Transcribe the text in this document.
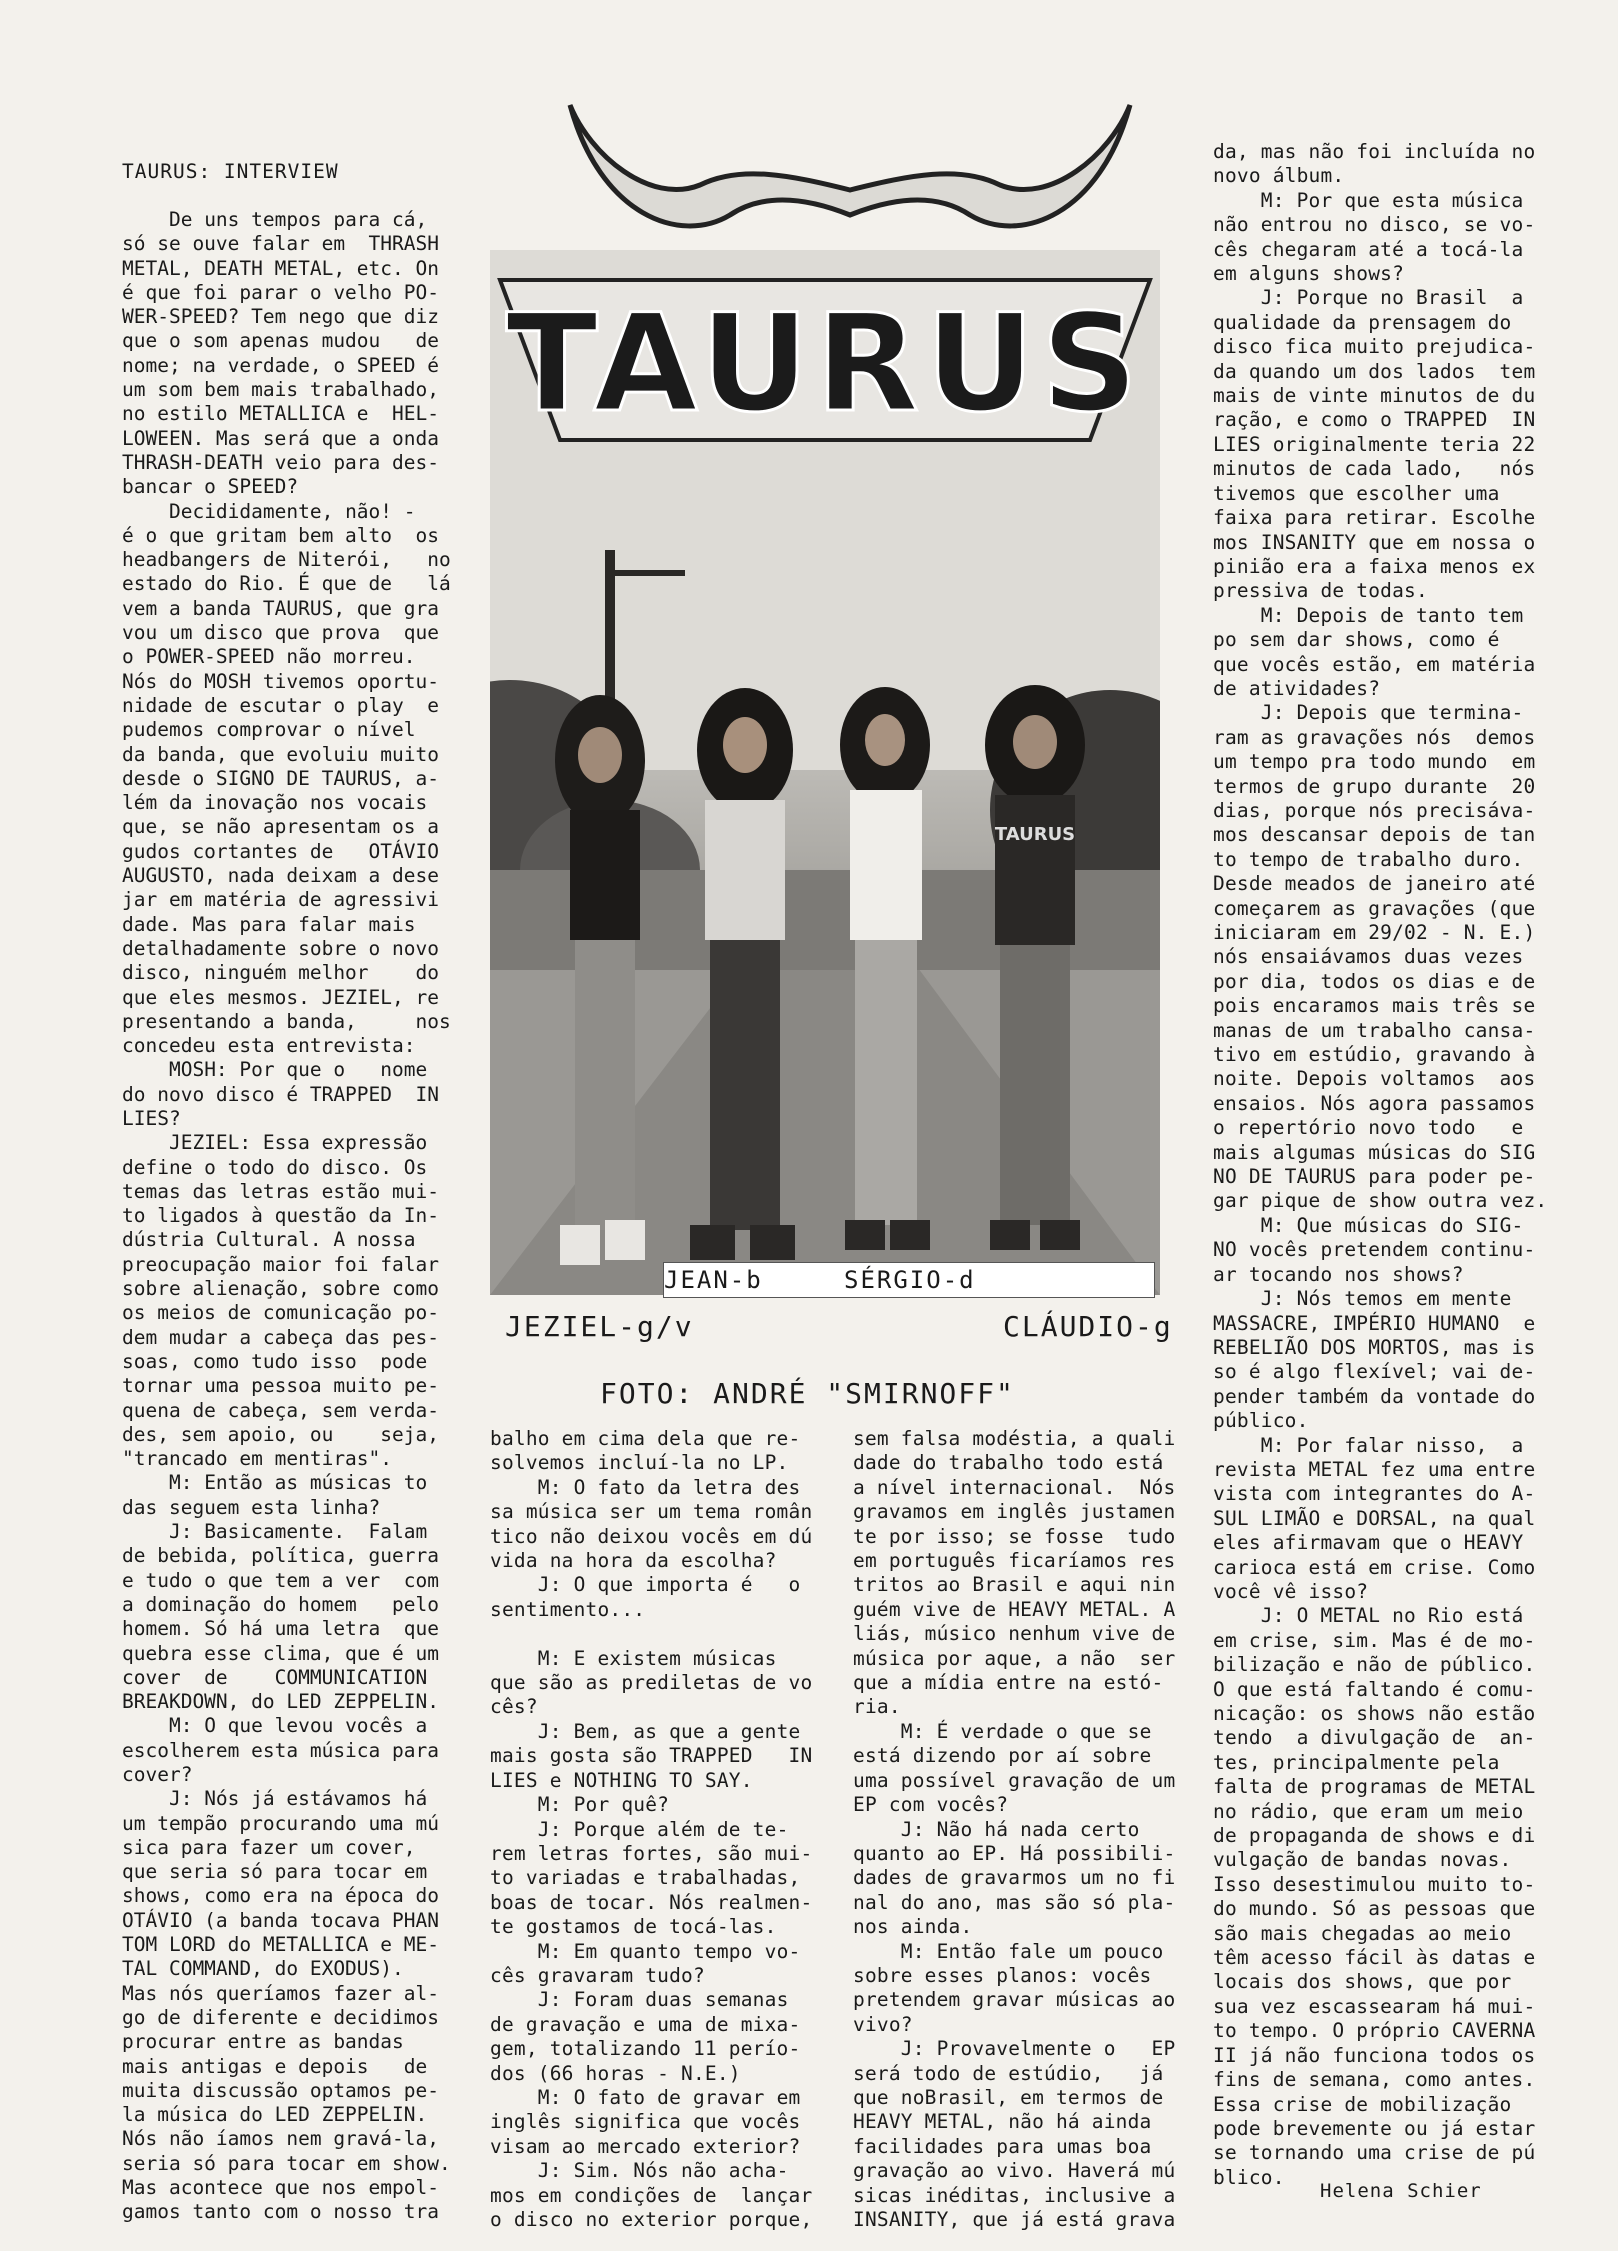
TAURUS: INTERVIEW

De uns tempos para cá,

só se ouve falar em  THRASH

METAL, DEATH METAL, etc. On

é que foi parar o velho PO-

WER-SPEED? Tem nego que diz

que o som apenas mudou   de

nome; na verdade, o SPEED é

um som bem mais trabalhado,

no estilo METALLICA e  HEL-

LOWEEN. Mas será que a onda

THRASH-DEATH veio para des-

bancar o SPEED?

Decididamente, não! -

é o que gritam bem alto  os

headbangers de Niterói,   no

estado do Rio. É que de   lá

vem a banda TAURUS, que gra

vou um disco que prova  que

o POWER-SPEED não morreu.

Nós do MOSH tivemos oportu-

nidade de escutar o play  e

pudemos comprovar o nível

da banda, que evoluiu muito

desde o SIGNO DE TAURUS, a-

lém da inovação nos vocais

que, se não apresentam os a

gudos cortantes de   OTÁVIO

AUGUSTO, nada deixam a dese

jar em matéria de agressivi

dade. Mas para falar mais

detalhadamente sobre o novo

disco, ninguém melhor    do

que eles mesmos. JEZIEL, re

presentando a banda,     nos

concedeu esta entrevista:

MOSH: Por que o   nome

do novo disco é TRAPPED  IN

LIES?

JEZIEL: Essa expressão

define o todo do disco. Os

temas das letras estão mui-

to ligados à questão da In-

dústria Cultural. A nossa

preocupação maior foi falar

sobre alienação, sobre como

os meios de comunicação po-

dem mudar a cabeça das pes-

soas, como tudo isso  pode

tornar uma pessoa muito pe-

quena de cabeça, sem verda-

des, sem apoio, ou    seja,

"trancado em mentiras".

M: Então as músicas to

das seguem esta linha?

J: Basicamente.  Falam

de bebida, política, guerra

e tudo o que tem a ver  com

a dominação do homem   pelo

homem. Só há uma letra  que

quebra esse clima, que é um

cover  de    COMMUNICATION

BREAKDOWN, do LED ZEPPELIN.

M: O que levou vocês a

escolherem esta música para

cover?

J: Nós já estávamos há

um tempão procurando uma mú

sica para fazer um cover,

que seria só para tocar em

shows, como era na época do

OTÁVIO (a banda tocava PHAN

TOM LORD do METALLICA e ME-

TAL COMMAND, do EXODUS).

Mas nós queríamos fazer al-

go de diferente e decidimos

procurar entre as bandas

mais antigas e depois   de

muita discussão optamos pe-

la música do LED ZEPPELIN.

Nós não íamos nem gravá-la,

seria só para tocar em show.

Mas acontece que nos empol-

gamos tanto com o nosso tra

TAURUS
TAURUS
JEAN-b	SÉRGIO-d
JEZIEL-g/v	CLÁUDIO-g
FOTO: ANDRÉ "SMIRNOFF"

balho em cima dela que re-

solvemos incluí-la no LP.

M: O fato da letra des

sa música ser um tema român

tico não deixou vocês em dú

vida na hora da escolha?

J: O que importa é   o

sentimento...

M: E existem músicas

que são as prediletas de vo

cês?

J: Bem, as que a gente

mais gosta são TRAPPED   IN

LIES e NOTHING TO SAY.

M: Por quê?

J: Porque além de te-

rem letras fortes, são mui-

to variadas e trabalhadas,

boas de tocar. Nós realmen-

te gostamos de tocá-las.

M: Em quanto tempo vo-

cês gravaram tudo?

J: Foram duas semanas

de gravação e uma de mixa-

gem, totalizando 11 perío-

dos (66 horas - N.E.)

M: O fato de gravar em

inglês significa que vocês

visam ao mercado exterior?

J: Sim. Nós não acha-

mos em condições de  lançar

o disco no exterior porque,

sem falsa modéstia, a quali

dade do trabalho todo está

a nível internacional.  Nós

gravamos em inglês justamen

te por isso; se fosse  tudo

em português ficaríamos res

tritos ao Brasil e aqui nin

guém vive de HEAVY METAL. A

liás, músico nenhum vive de

música por aque, a não  ser

que a mídia entre na estó-

ria.

M: É verdade o que se

está dizendo por aí sobre

uma possível gravação de um

EP com vocês?

J: Não há nada certo

quanto ao EP. Há possibili-

dades de gravarmos um no fi

nal do ano, mas são só pla-

nos ainda.

M: Então fale um pouco

sobre esses planos: vocês

pretendem gravar músicas ao

vivo?

J: Provavelmente o   EP

será todo de estúdio,   já

que noBrasil, em termos de

HEAVY METAL, não há ainda

facilidades para umas boa

gravação ao vivo. Haverá mú

sicas inéditas, inclusive a

INSANITY, que já está grava

da, mas não foi incluída no

novo álbum.

M: Por que esta música

não entrou no disco, se vo-

cês chegaram até a tocá-la

em alguns shows?

J: Porque no Brasil  a

qualidade da prensagem do

disco fica muito prejudica-

da quando um dos lados  tem

mais de vinte minutos de du

ração, e como o TRAPPED  IN

LIES originalmente teria 22

minutos de cada lado,   nós

tivemos que escolher uma

faixa para retirar. Escolhe

mos INSANITY que em nossa o

pinião era a faixa menos ex

pressiva de todas.

M: Depois de tanto tem

po sem dar shows, como é

que vocês estão, em matéria

de atividades?

J: Depois que termina-

ram as gravações nós  demos

um tempo pra todo mundo  em

termos de grupo durante  20

dias, porque nós precisáva-

mos descansar depois de tan

to tempo de trabalho duro.

Desde meados de janeiro até

começarem as gravações (que

iniciaram em 29/02 - N. E.)

nós ensaiávamos duas vezes

por dia, todos os dias e de

pois encaramos mais três se

manas de um trabalho cansa-

tivo em estúdio, gravando à

noite. Depois voltamos  aos

ensaios. Nós agora passamos

o repertório novo todo   e

mais algumas músicas do SIG

NO DE TAURUS para poder pe-

gar pique de show outra vez.

M: Que músicas do SIG-

NO vocês pretendem continu-

ar tocando nos shows?

J: Nós temos em mente

MASSACRE, IMPÉRIO HUMANO  e

REBELIÃO DOS MORTOS, mas is

so é algo flexível; vai de-

pender também da vontade do

público.

M: Por falar nisso,  a

revista METAL fez uma entre

vista com integrantes do A-

SUL LIMÃO e DORSAL, na qual

eles afirmavam que o HEAVY

carioca está em crise. Como

você vê isso?

J: O METAL no Rio está

em crise, sim. Mas é de mo-

bilização e não de público.

O que está faltando é comu-

nicação: os shows não estão

tendo  a divulgação de  an-

tes, principalmente pela

falta de programas de METAL

no rádio, que eram um meio

de propaganda de shows e di

vulgação de bandas novas.

Isso desestimulou muito to-

do mundo. Só as pessoas que

são mais chegadas ao meio

têm acesso fácil às datas e

locais dos shows, que por

sua vez escassearam há mui-

to tempo. O próprio CAVERNA

II já não funciona todos os

fins de semana, como antes.

Essa crise de mobilização

pode brevemente ou já estar

se tornando uma crise de pú

blico.

Helena Schier
